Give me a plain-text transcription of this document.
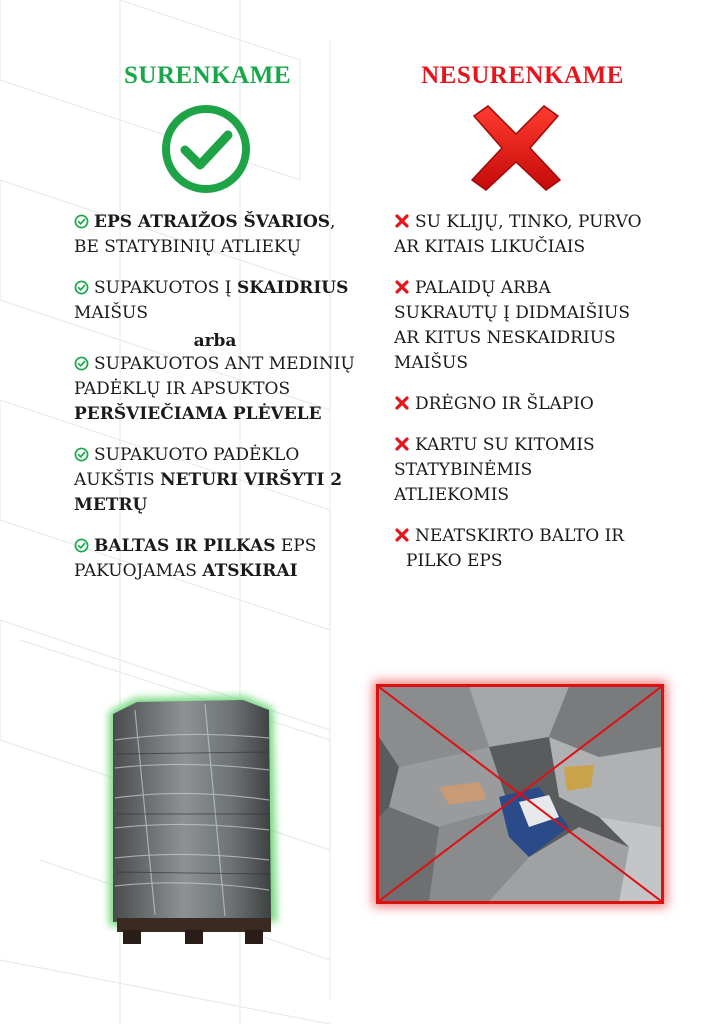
SURENKAME	NESURENKAME
EPS ATRAIŽOS ŠVARIOS,
BE STATYBINIŲ ATLIEKŲ
SUPAKUOTOS Į SKAIDRIUS
MAIŠUS
arba
SUPAKUOTOS ANT MEDINIŲ
PADĖKLŲ IR APSUKTOS
PERŠVIEČIAMA PLĖVELE
SUPAKUOTO PADĖKLO
AUKŠTIS NETURI VIRŠYTI 2
METRŲ
BALTAS IR PILKAS EPS
PAKUOJAMAS ATSKIRAI
SU KLIJŲ, TINKO, PURVO
AR KITAIS LIKUČIAIS
PALAIDŲ ARBA
SUKRAUTŲ Į DIDMAIŠIUS
AR KITUS NESKAIDRIUS
MAIŠUS
DRĖGNO IR ŠLAPIO
KARTU SU KITOMIS
STATYBINĖMIS
ATLIEKOMIS
NEATSKIRTO BALTO IR
PILKO EPS
